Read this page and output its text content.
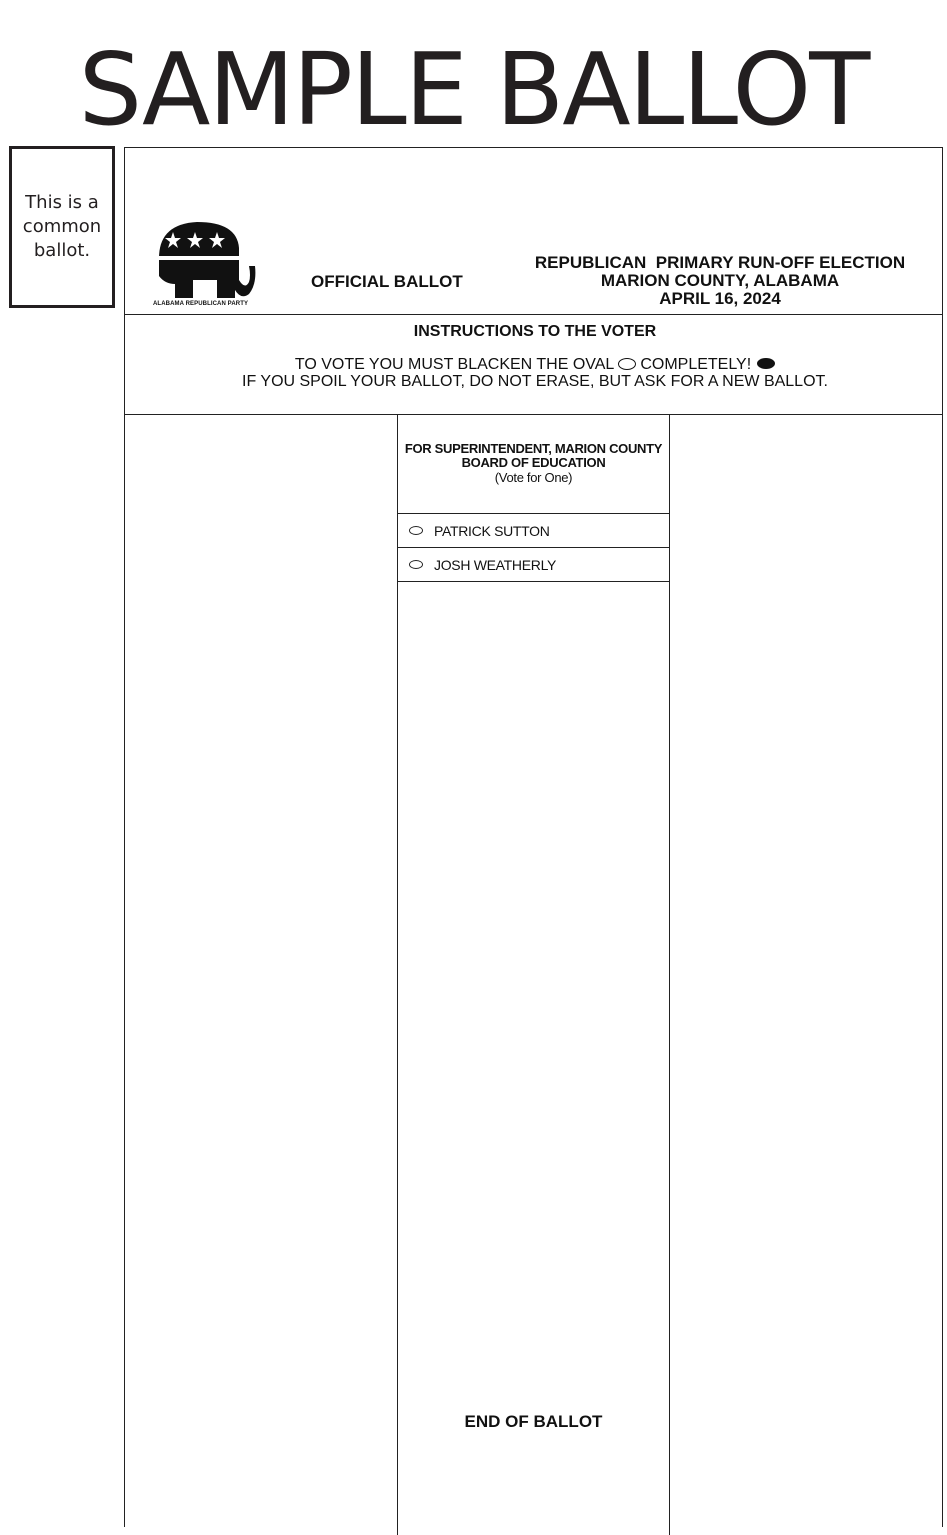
SAMPLE BALLOT
This is a common ballot.
ALABAMA REPUBLICAN PARTY
OFFICIAL BALLOT
REPUBLICAN  PRIMARY RUN-OFF ELECTION
MARION COUNTY, ALABAMA
APRIL 16, 2024
INSTRUCTIONS TO THE VOTER
TO VOTE YOU MUST BLACKEN THE OVAL COMPLETELY!
IF YOU SPOIL YOUR BALLOT, DO NOT ERASE, BUT ASK FOR A NEW BALLOT.
FOR SUPERINTENDENT, MARION COUNTY
BOARD OF EDUCATION
(Vote for One)
PATRICK SUTTON
JOSH WEATHERLY
END OF BALLOT
